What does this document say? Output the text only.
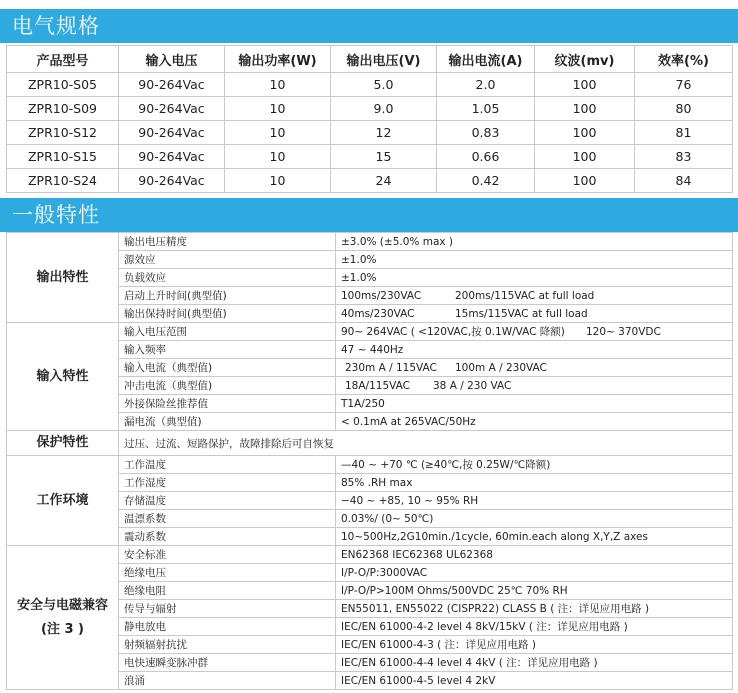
电气规格
产品型号	输入电压	输出功率(W)	输出电压(V)	输出电流(A)	纹波(mv)	效率(%)
ZPR10-S05	90-264Vac	10	5.0	2.0	100	76
ZPR10-S09	90-264Vac	10	9.0	1.05	100	80
ZPR10-S12	90-264Vac	10	12	0.83	100	81
ZPR10-S15	90-264Vac	10	15	0.66	100	83
ZPR10-S24	90-264Vac	10	24	0.42	100	84
一般特性
输出特性	输出电压精度	±3.0% (±5.0% max )
	源效应	±1.0%
	负载效应	±1.0%
	启动上升时间(典型值)	100ms/230VAC 200ms/115VAC at full load
	输出保持时间(典型值)	40ms/230VAC 15ms/115VAC at full load
输入特性	输入电压范围	90~ 264VAC ( <120VAC,按 0.1W/VAC 降额) 120~ 370VDC
	输入频率	47 ~ 440Hz
	输入电流（典型值)	230m A / 115VAC 100m A / 230VAC
	冲击电流（典型值)	18A/115VAC 38 A / 230 VAC
	外接保险丝推荐值	T1A/250
	漏电流（典型值)	< 0.1mA at 265VAC/50Hz
保护特性	过压、过流、短路保护，故障排除后可自恢复	
工作环境	工作温度	—40 ~ +70 ℃ (≥40℃,按 0.25W/℃降额)
	工作湿度	85% .RH max
	存储温度	−40 ~ +85, 10 ~ 95% RH
	温漂系数	0.03%/ (0~ 50℃)
	震动系数	10~500Hz,2G10min./1cycle, 60min.each along X,Y,Z axes
安全与电磁兼容(注 3 )	安全标准	EN62368 IEC62368 UL62368
	绝缘电压	I/P-O/P:3000VAC
	绝缘电阻	I/P-O/P>100M Ohms/500VDC 25℃ 70% RH
	传导与辐射	EN55011, EN55022 (CISPR22) CLASS B ( 注：详见应用电路 )
	静电放电	IEC/EN 61000-4-2 level 4 8kV/15kV ( 注：详见应用电路 )
	射频辐射抗扰	IEC/EN 61000-4-3 ( 注：详见应用电路 )
	电快速瞬变脉冲群	IEC/EN 61000-4-4 level 4 4kV ( 注：详见应用电路 )
	浪涌	IEC/EN 61000-4-5 level 4 2kV
